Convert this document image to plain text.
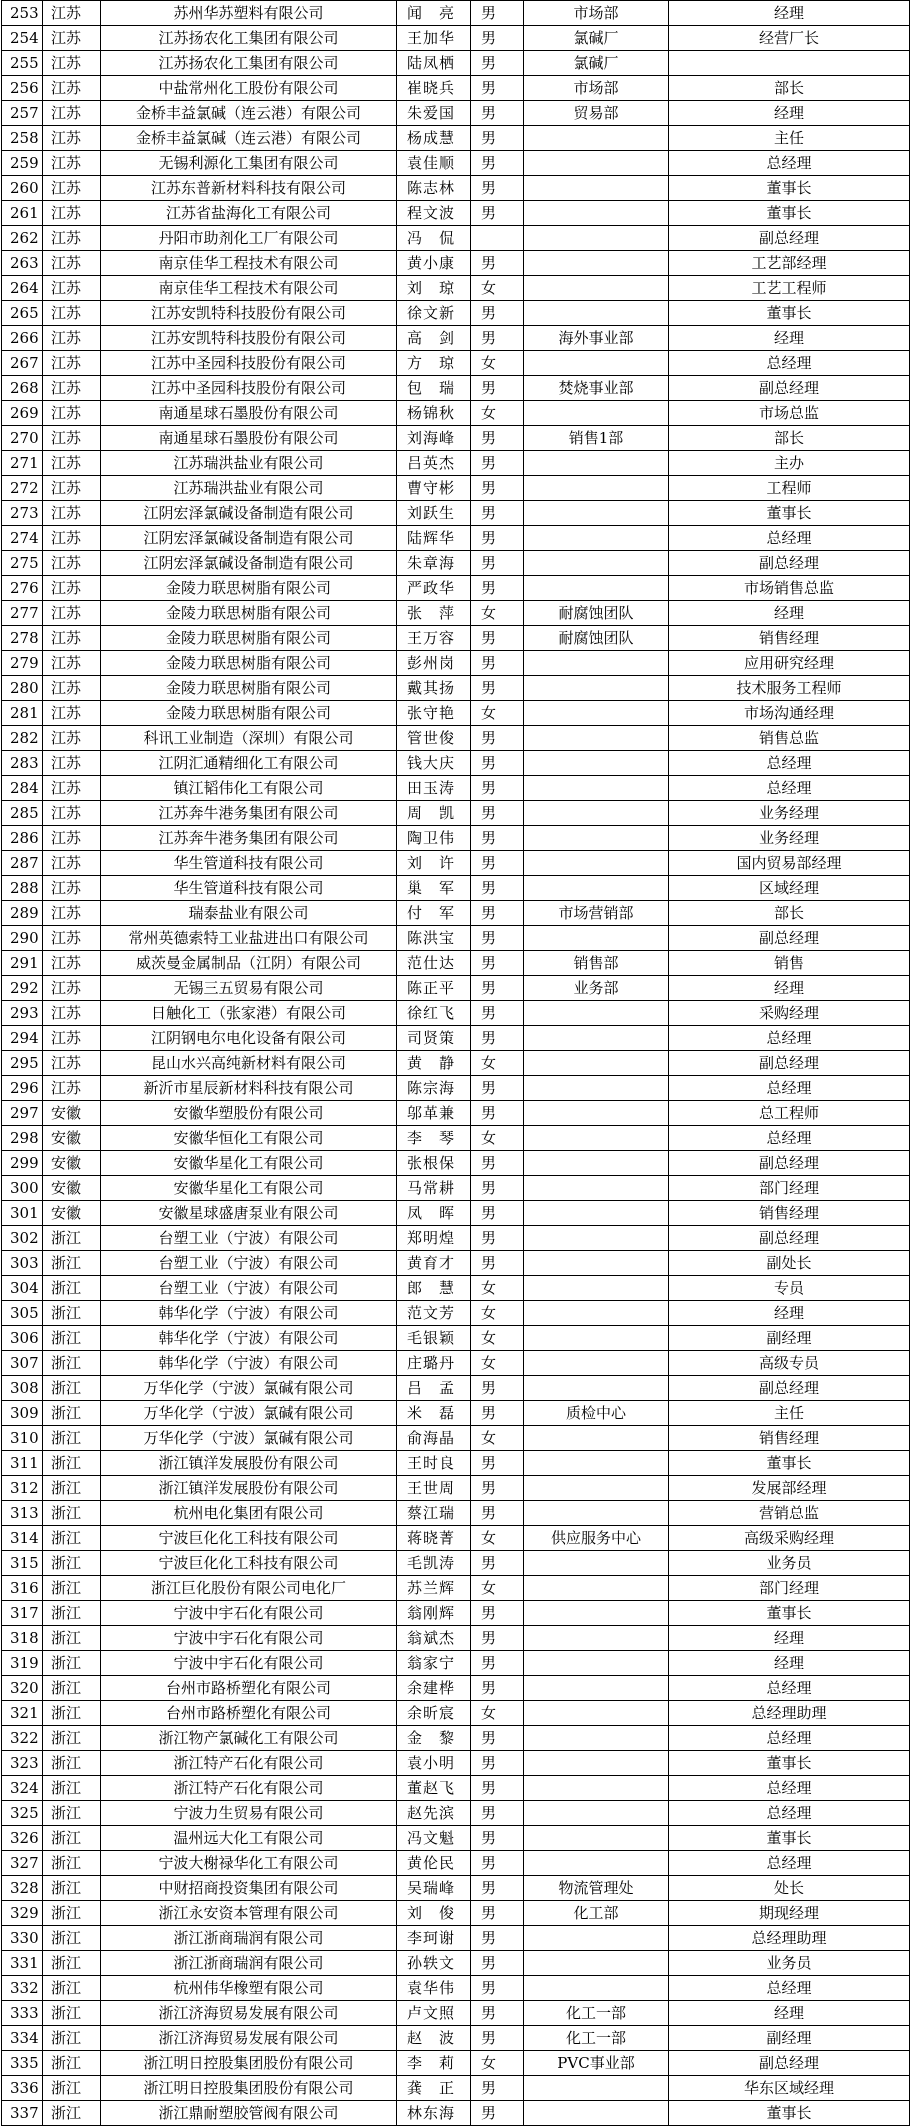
253	江苏	苏州华苏塑料有限公司	闻　亮	男	市场部	经理
254	江苏	江苏扬农化工集团有限公司	王加华	男	氯碱厂	经营厂长
255	江苏	江苏扬农化工集团有限公司	陆凤栖	男	氯碱厂	
256	江苏	中盐常州化工股份有限公司	崔晓兵	男	市场部	部长
257	江苏	金桥丰益氯碱（连云港）有限公司	朱爱国	男	贸易部	经理
258	江苏	金桥丰益氯碱（连云港）有限公司	杨成慧	男		主任
259	江苏	无锡利源化工集团有限公司	袁佳顺	男		总经理
260	江苏	江苏东普新材料科技有限公司	陈志林	男		董事长
261	江苏	江苏省盐海化工有限公司	程文波	男		董事长
262	江苏	丹阳市助剂化工厂有限公司	冯　侃			副总经理
263	江苏	南京佳华工程技术有限公司	黄小康	男		工艺部经理
264	江苏	南京佳华工程技术有限公司	刘　琼	女		工艺工程师
265	江苏	江苏安凯特科技股份有限公司	徐文新	男		董事长
266	江苏	江苏安凯特科技股份有限公司	高　剑	男	海外事业部	经理
267	江苏	江苏中圣园科技股份有限公司	方　琼	女		总经理
268	江苏	江苏中圣园科技股份有限公司	包　瑞	男	焚烧事业部	副总经理
269	江苏	南通星球石墨股份有限公司	杨锦秋	女		市场总监
270	江苏	南通星球石墨股份有限公司	刘海峰	男	销售1部	部长
271	江苏	江苏瑞洪盐业有限公司	吕英杰	男		主办
272	江苏	江苏瑞洪盐业有限公司	曹守彬	男		工程师
273	江苏	江阴宏泽氯碱设备制造有限公司	刘跃生	男		董事长
274	江苏	江阴宏泽氯碱设备制造有限公司	陆辉华	男		总经理
275	江苏	江阴宏泽氯碱设备制造有限公司	朱章海	男		副总经理
276	江苏	金陵力联思树脂有限公司	严政华	男		市场销售总监
277	江苏	金陵力联思树脂有限公司	张　萍	女	耐腐蚀团队	经理
278	江苏	金陵力联思树脂有限公司	王万容	男	耐腐蚀团队	销售经理
279	江苏	金陵力联思树脂有限公司	彭州岗	男		应用研究经理
280	江苏	金陵力联思树脂有限公司	戴其扬	男		技术服务工程师
281	江苏	金陵力联思树脂有限公司	张守艳	女		市场沟通经理
282	江苏	科讯工业制造（深圳）有限公司	管世俊	男		销售总监
283	江苏	江阴汇通精细化工有限公司	钱大庆	男		总经理
284	江苏	镇江韬伟化工有限公司	田玉涛	男		总经理
285	江苏	江苏奔牛港务集团有限公司	周　凯	男		业务经理
286	江苏	江苏奔牛港务集团有限公司	陶卫伟	男		业务经理
287	江苏	华生管道科技有限公司	刘　许	男		国内贸易部经理
288	江苏	华生管道科技有限公司	巢　军	男		区域经理
289	江苏	瑞泰盐业有限公司	付　军	男	市场营销部	部长
290	江苏	常州英德索特工业盐进出口有限公司	陈洪宝	男		副总经理
291	江苏	威茨曼金属制品（江阴）有限公司	范仕达	男	销售部	销售
292	江苏	无锡三五贸易有限公司	陈正平	男	业务部	经理
293	江苏	日触化工（张家港）有限公司	徐红飞	男		采购经理
294	江苏	江阴钢电尔电化设备有限公司	司贤策	男		总经理
295	江苏	昆山水兴高纯新材料有限公司	黄　静	女		副总经理
296	江苏	新沂市星辰新材料科技有限公司	陈宗海	男		总经理
297	安徽	安徽华塑股份有限公司	邬革兼	男		总工程师
298	安徽	安徽华恒化工有限公司	李　琴	女		总经理
299	安徽	安徽华星化工有限公司	张根保	男		副总经理
300	安徽	安徽华星化工有限公司	马常耕	男		部门经理
301	安徽	安徽星球盛唐泵业有限公司	凤　晖	男		销售经理
302	浙江	台塑工业（宁波）有限公司	郑明煌	男		副总经理
303	浙江	台塑工业（宁波）有限公司	黄育才	男		副处长
304	浙江	台塑工业（宁波）有限公司	郎　慧	女		专员
305	浙江	韩华化学（宁波）有限公司	范文芳	女		经理
306	浙江	韩华化学（宁波）有限公司	毛银颖	女		副经理
307	浙江	韩华化学（宁波）有限公司	庄璐丹	女		高级专员
308	浙江	万华化学（宁波）氯碱有限公司	吕　孟	男		副总经理
309	浙江	万华化学（宁波）氯碱有限公司	米　磊	男	质检中心	主任
310	浙江	万华化学（宁波）氯碱有限公司	俞海晶	女		销售经理
311	浙江	浙江镇洋发展股份有限公司	王时良	男		董事长
312	浙江	浙江镇洋发展股份有限公司	王世周	男		发展部经理
313	浙江	杭州电化集团有限公司	蔡江瑞	男		营销总监
314	浙江	宁波巨化化工科技有限公司	蒋晓菁	女	供应服务中心	高级采购经理
315	浙江	宁波巨化化工科技有限公司	毛凯涛	男		业务员
316	浙江	浙江巨化股份有限公司电化厂	苏兰辉	女		部门经理
317	浙江	宁波中宇石化有限公司	翁刚辉	男		董事长
318	浙江	宁波中宇石化有限公司	翁斌杰	男		经理
319	浙江	宁波中宇石化有限公司	翁家宁	男		经理
320	浙江	台州市路桥塑化有限公司	余建桦	男		总经理
321	浙江	台州市路桥塑化有限公司	余昕宸	女		总经理助理
322	浙江	浙江物产氯碱化工有限公司	金　黎	男		总经理
323	浙江	浙江特产石化有限公司	袁小明	男		董事长
324	浙江	浙江特产石化有限公司	董赵飞	男		总经理
325	浙江	宁波力生贸易有限公司	赵先滨	男		总经理
326	浙江	温州远大化工有限公司	冯文魁	男		董事长
327	浙江	宁波大榭禄华化工有限公司	黄伦民	男		总经理
328	浙江	中财招商投资集团有限公司	吴瑞峰	男	物流管理处	处长
329	浙江	浙江永安资本管理有限公司	刘　俊	男	化工部	期现经理
330	浙江	浙江浙商瑞润有限公司	李珂谢	男		总经理助理
331	浙江	浙江浙商瑞润有限公司	孙轶文	男		业务员
332	浙江	杭州伟华橡塑有限公司	袁华伟	男		总经理
333	浙江	浙江济海贸易发展有限公司	卢文照	男	化工一部	经理
334	浙江	浙江济海贸易发展有限公司	赵　波	男	化工一部	副经理
335	浙江	浙江明日控股集团股份有限公司	李　莉	女	PVC事业部	副总经理
336	浙江	浙江明日控股集团股份有限公司	龚　正	男		华东区域经理
337	浙江	浙江鼎耐塑胶管阀有限公司	林东海	男		董事长
